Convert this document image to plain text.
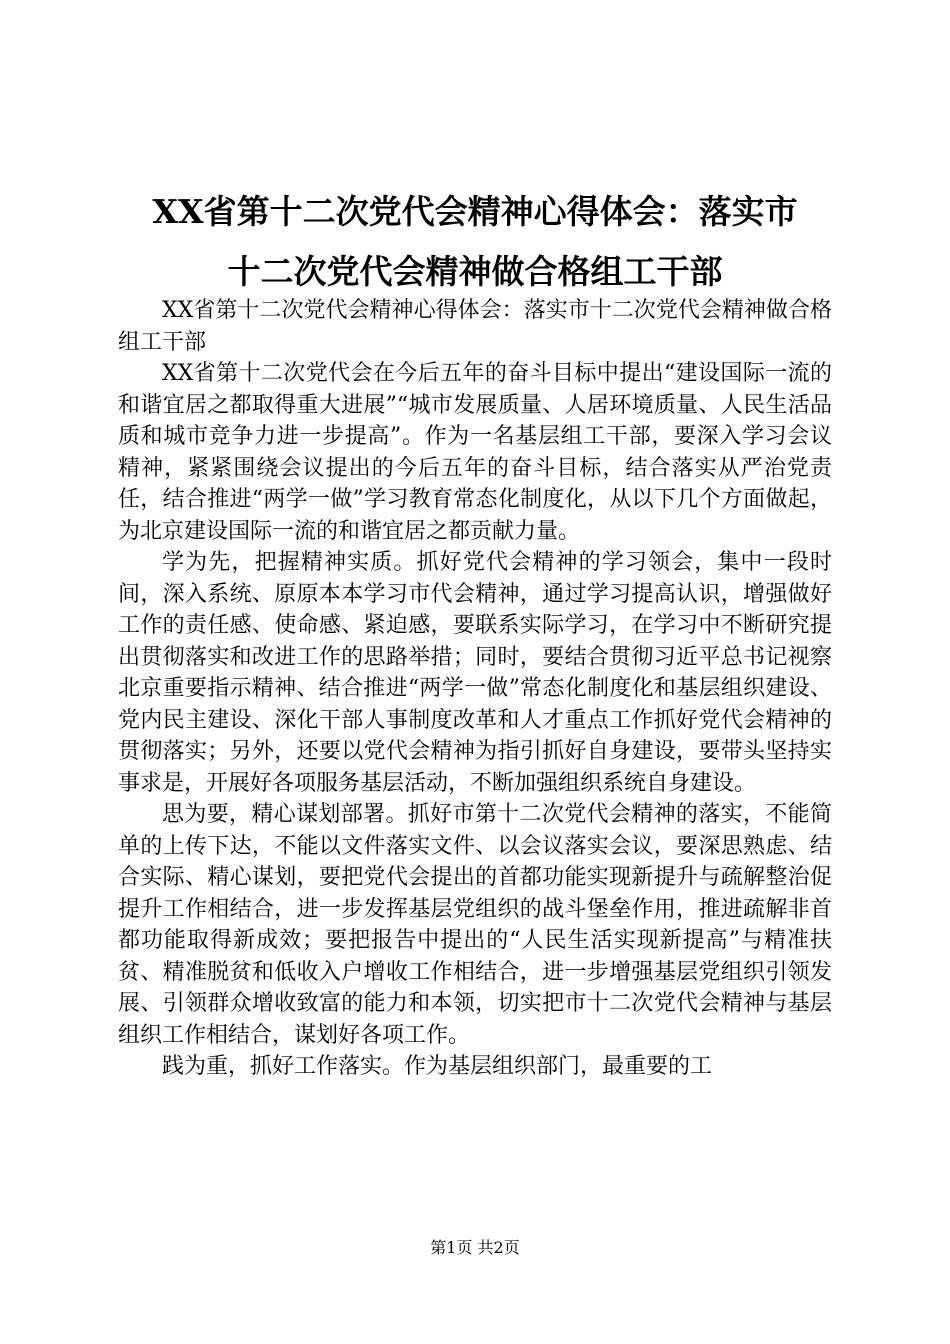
XX省第十二次党代会精神心得体会：落实市
十二次党代会精神做合格组工干部

XX省第十二次党代会精神心得体会：落实市十二次党代会精神做合格组工干部

XX省第十二次党代会在今后五年的奋斗目标中提出“建设国际一流的和谐宜居之都取得重大进展”“城市发展质量、人居环境质量、人民生活品质和城市竞争力进一步提高”。作为一名基层组工干部，要深入学习会议精神，紧紧围绕会议提出的今后五年的奋斗目标，结合落实从严治党责任，结合推进“两学一做”学习教育常态化制度化，从以下几个方面做起，为北京建设国际一流的和谐宜居之都贡献力量。

学为先，把握精神实质。抓好党代会精神的学习领会，集中一段时间，深入系统、原原本本学习市代会精神，通过学习提高认识，增强做好工作的责任感、使命感、紧迫感，要联系实际学习，在学习中不断研究提出贯彻落实和改进工作的思路举措；同时，要结合贯彻习近平总书记视察北京重要指示精神、结合推进“两学一做”常态化制度化和基层组织建设、党内民主建设、深化干部人事制度改革和人才重点工作抓好党代会精神的贯彻落实；另外，还要以党代会精神为指引抓好自身建设，要带头坚持实事求是，开展好各项服务基层活动，不断加强组织系统自身建设。

思为要，精心谋划部署。抓好市第十二次党代会精神的落实，不能简单的上传下达，不能以文件落实文件、以会议落实会议，要深思熟虑、结合实际、精心谋划，要把党代会提出的首都功能实现新提升与疏解整治促提升工作相结合，进一步发挥基层党组织的战斗堡垒作用，推进疏解非首都功能取得新成效；要把报告中提出的“人民生活实现新提高”与精准扶贫、精准脱贫和低收入户增收工作相结合，进一步增强基层党组织引领发展、引领群众增收致富的能力和本领，切实把市十二次党代会精神与基层组织工作相结合，谋划好各项工作。

践为重，抓好工作落实。作为基层组织部门，最重要的工

第1页 共2页
